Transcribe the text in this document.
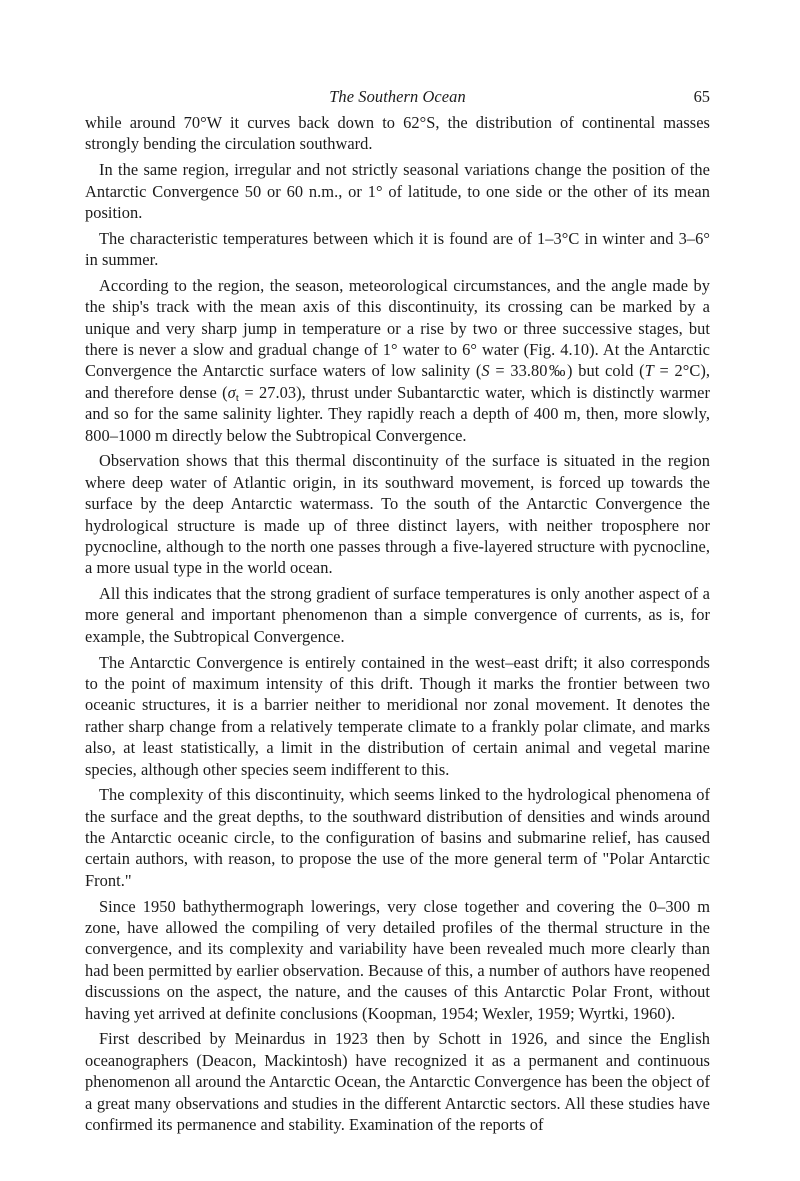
The Southern Ocean	65

while around 70°W it curves back down to 62°S, the distribution of continental masses strongly bending the circulation southward.

In the same region, irregular and not strictly seasonal variations change the position of the Antarctic Convergence 50 or 60 n.m., or 1° of latitude, to one side or the other of its mean position.

The characteristic temperatures between which it is found are of 1–3°C in winter and 3–6° in summer.

According to the region, the season, meteorological circumstances, and the angle made by the ship's track with the mean axis of this discontinuity, its crossing can be marked by a unique and very sharp jump in temperature or a rise by two or three successive stages, but there is never a slow and gradual change of 1° water to 6° water (Fig. 4.10). At the Antarctic Convergence the Antarctic surface waters of low salinity (S = 33.80‰) but cold (T = 2°C), and therefore dense $(\sigma_t = 27.03)$, thrust under Subantarctic water, which is distinctly warmer and so for the same salinity lighter. They rapidly reach a depth of 400 m, then, more slowly, 800–1000 m directly below the Subtropical Convergence.

Observation shows that this thermal discontinuity of the surface is situated in the region where deep water of Atlantic origin, in its southward movement, is forced up towards the surface by the deep Antarctic watermass. To the south of the Antarctic Convergence the hydrological structure is made up of three distinct layers, with neither troposphere nor pycnocline, although to the north one passes through a five-layered structure with pycnocline, a more usual type in the world ocean.

All this indicates that the strong gradient of surface temperatures is only another aspect of a more general and important phenomenon than a simple convergence of currents, as is, for example, the Subtropical Convergence.

The Antarctic Convergence is entirely contained in the west–east drift; it also corresponds to the point of maximum intensity of this drift. Though it marks the frontier between two oceanic structures, it is a barrier neither to meridional nor zonal movement. It denotes the rather sharp change from a relatively temperate climate to a frankly polar climate, and marks also, at least statistically, a limit in the distribution of certain animal and vegetal marine species, although other species seem indifferent to this.

The complexity of this discontinuity, which seems linked to the hydrological phenomena of the surface and the great depths, to the southward distribution of densities and winds around the Antarctic oceanic circle, to the configuration of basins and submarine relief, has caused certain authors, with reason, to propose the use of the more general term of "Polar Antarctic Front."

Since 1950 bathythermograph lowerings, very close together and covering the 0–300 m zone, have allowed the compiling of very detailed profiles of the thermal structure in the convergence, and its complexity and variability have been revealed much more clearly than had been permitted by earlier observation. Because of this, a number of authors have reopened discussions on the aspect, the nature, and the causes of this Antarctic Polar Front, without having yet arrived at definite conclusions (Koopman, 1954; Wexler, 1959; Wyrtki, 1960).

First described by Meinardus in 1923 then by Schott in 1926, and since the English oceanographers (Deacon, Mackintosh) have recognized it as a permanent and continuous phenomenon all around the Antarctic Ocean, the Antarctic Convergence has been the object of a great many observations and studies in the different Antarctic sectors. All these studies have confirmed its permanence and stability. Examination of the reports of
